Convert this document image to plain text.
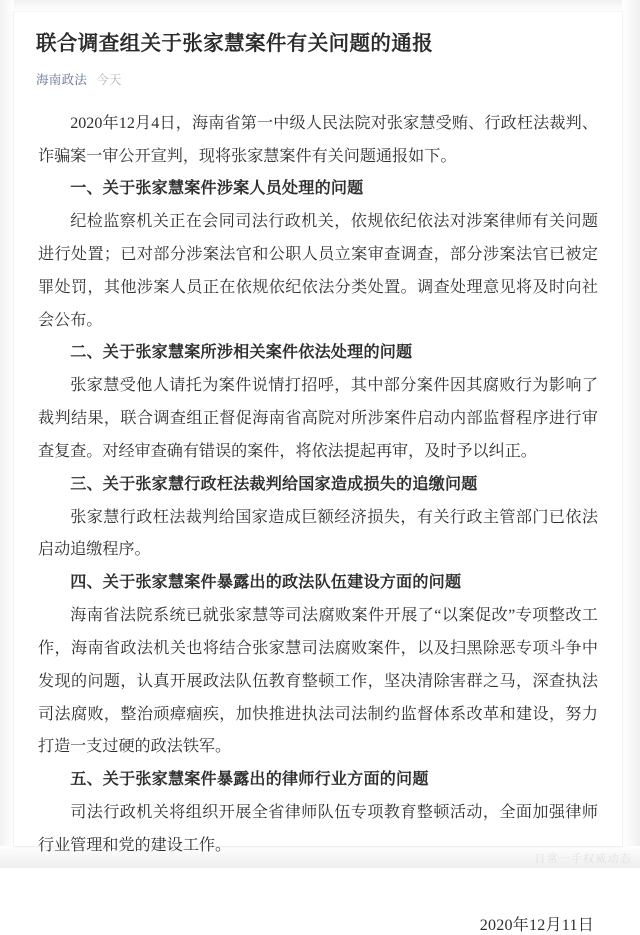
联合调查组关于张家慧案件有关问题的通报
海南政法 今天

2020年12月4日，海南省第一中级人民法院对张家慧受贿、行政枉法裁判、诈骗案一审公开宣判，现将张家慧案件有关问题通报如下。

一、关于张家慧案件涉案人员处理的问题

纪检监察机关正在会同司法行政机关，依规依纪依法对涉案律师有关问题进行处置；已对部分涉案法官和公职人员立案审查调查，部分涉案法官已被定罪处罚，其他涉案人员正在依规依纪依法分类处置。调查处理意见将及时向社会公布。

二、关于张家慧案所涉相关案件依法处理的问题

张家慧受他人请托为案件说情打招呼，其中部分案件因其腐败行为影响了裁判结果，联合调查组正督促海南省高院对所涉案件启动内部监督程序进行审查复查。对经审查确有错误的案件，将依法提起再审，及时予以纠正。

三、关于张家慧行政枉法裁判给国家造成损失的追缴问题

张家慧行政枉法裁判给国家造成巨额经济损失，有关行政主管部门已依法启动追缴程序。

四、关于张家慧案件暴露出的政法队伍建设方面的问题

海南省法院系统已就张家慧等司法腐败案件开展了“以案促改”专项整改工作，海南省政法机关也将结合张家慧司法腐败案件，以及扫黑除恶专项斗争中发现的问题，认真开展政法队伍教育整顿工作，坚决清除害群之马，深查执法司法腐败，整治顽瘴痼疾，加快推进执法司法制约监督体系改革和建设，努力打造一支过硬的政法铁军。

五、关于张家慧案件暴露出的律师行业方面的问题

司法行政机关将组织开展全省律师队伍专项教育整顿活动，全面加强律师行业管理和党的建设工作。

2020年12月11日
日常一手权威动态
